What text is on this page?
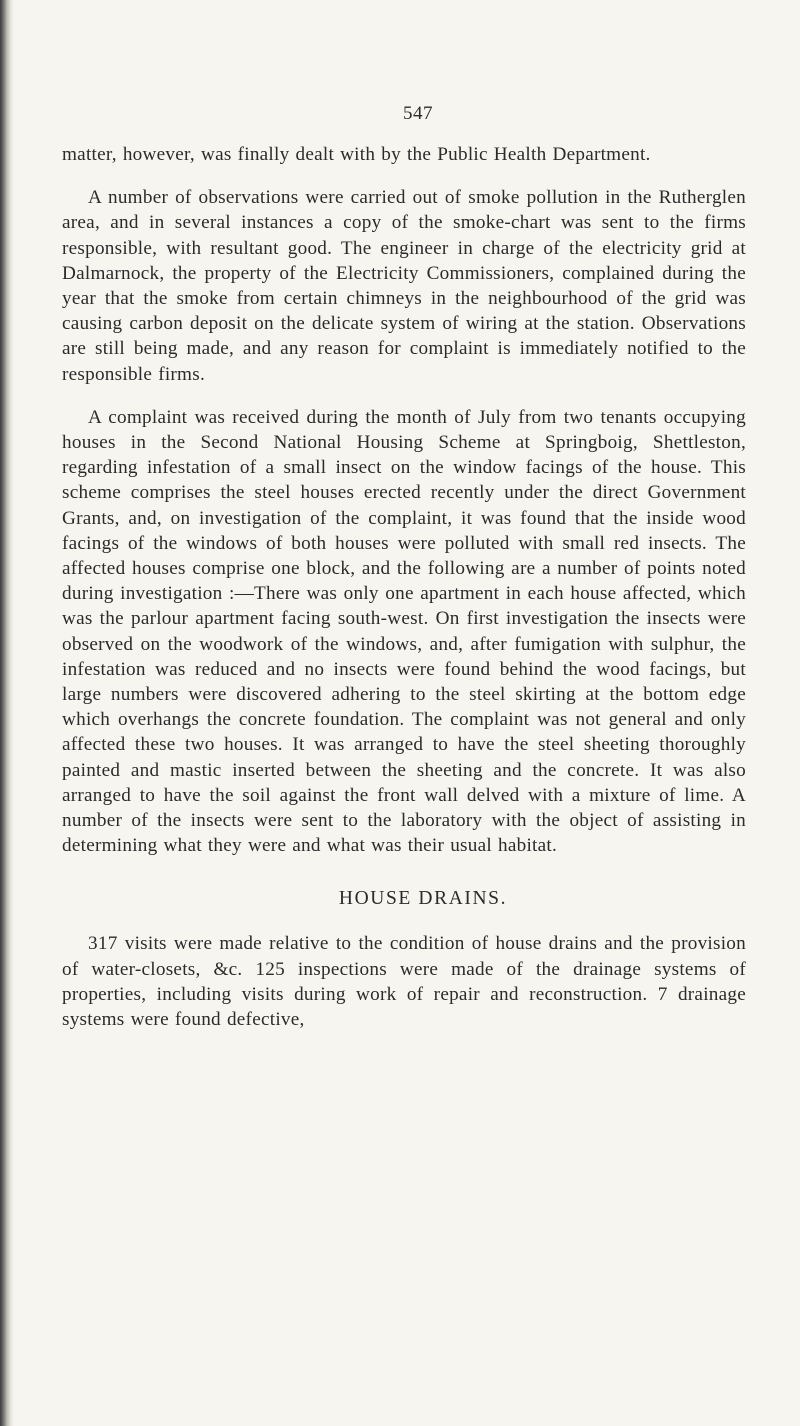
547

matter, however, was finally dealt with by the Public Health Department.

A number of observations were carried out of smoke pollution in the Rutherglen area, and in several instances a copy of the smoke-chart was sent to the firms responsible, with resultant good. The engineer in charge of the electricity grid at Dalmarnock, the property of the Electricity Commissioners, complained during the year that the smoke from certain chimneys in the neighbourhood of the grid was causing carbon deposit on the delicate system of wiring at the station. Observations are still being made, and any reason for complaint is immediately notified to the responsible firms.

A complaint was received during the month of July from two tenants occupying houses in the Second National Housing Scheme at Springboig, Shettleston, regarding infestation of a small insect on the window facings of the house. This scheme comprises the steel houses erected recently under the direct Government Grants, and, on investigation of the complaint, it was found that the inside wood facings of the windows of both houses were polluted with small red insects. The affected houses comprise one block, and the following are a number of points noted during investigation :—There was only one apartment in each house affected, which was the parlour apartment facing south-west. On first investigation the insects were observed on the woodwork of the windows, and, after fumigation with sulphur, the infestation was reduced and no insects were found behind the wood facings, but large numbers were discovered adhering to the steel skirting at the bottom edge which overhangs the concrete foundation. The complaint was not general and only affected these two houses. It was arranged to have the steel sheeting thoroughly painted and mastic inserted between the sheeting and the concrete. It was also arranged to have the soil against the front wall delved with a mixture of lime. A number of the insects were sent to the laboratory with the object of assisting in determining what they were and what was their usual habitat.

HOUSE DRAINS.

317 visits were made relative to the condition of house drains and the provision of water-closets, &c. 125 inspections were made of the drainage systems of properties, including visits during work of repair and reconstruction. 7 drainage systems were found defective,
